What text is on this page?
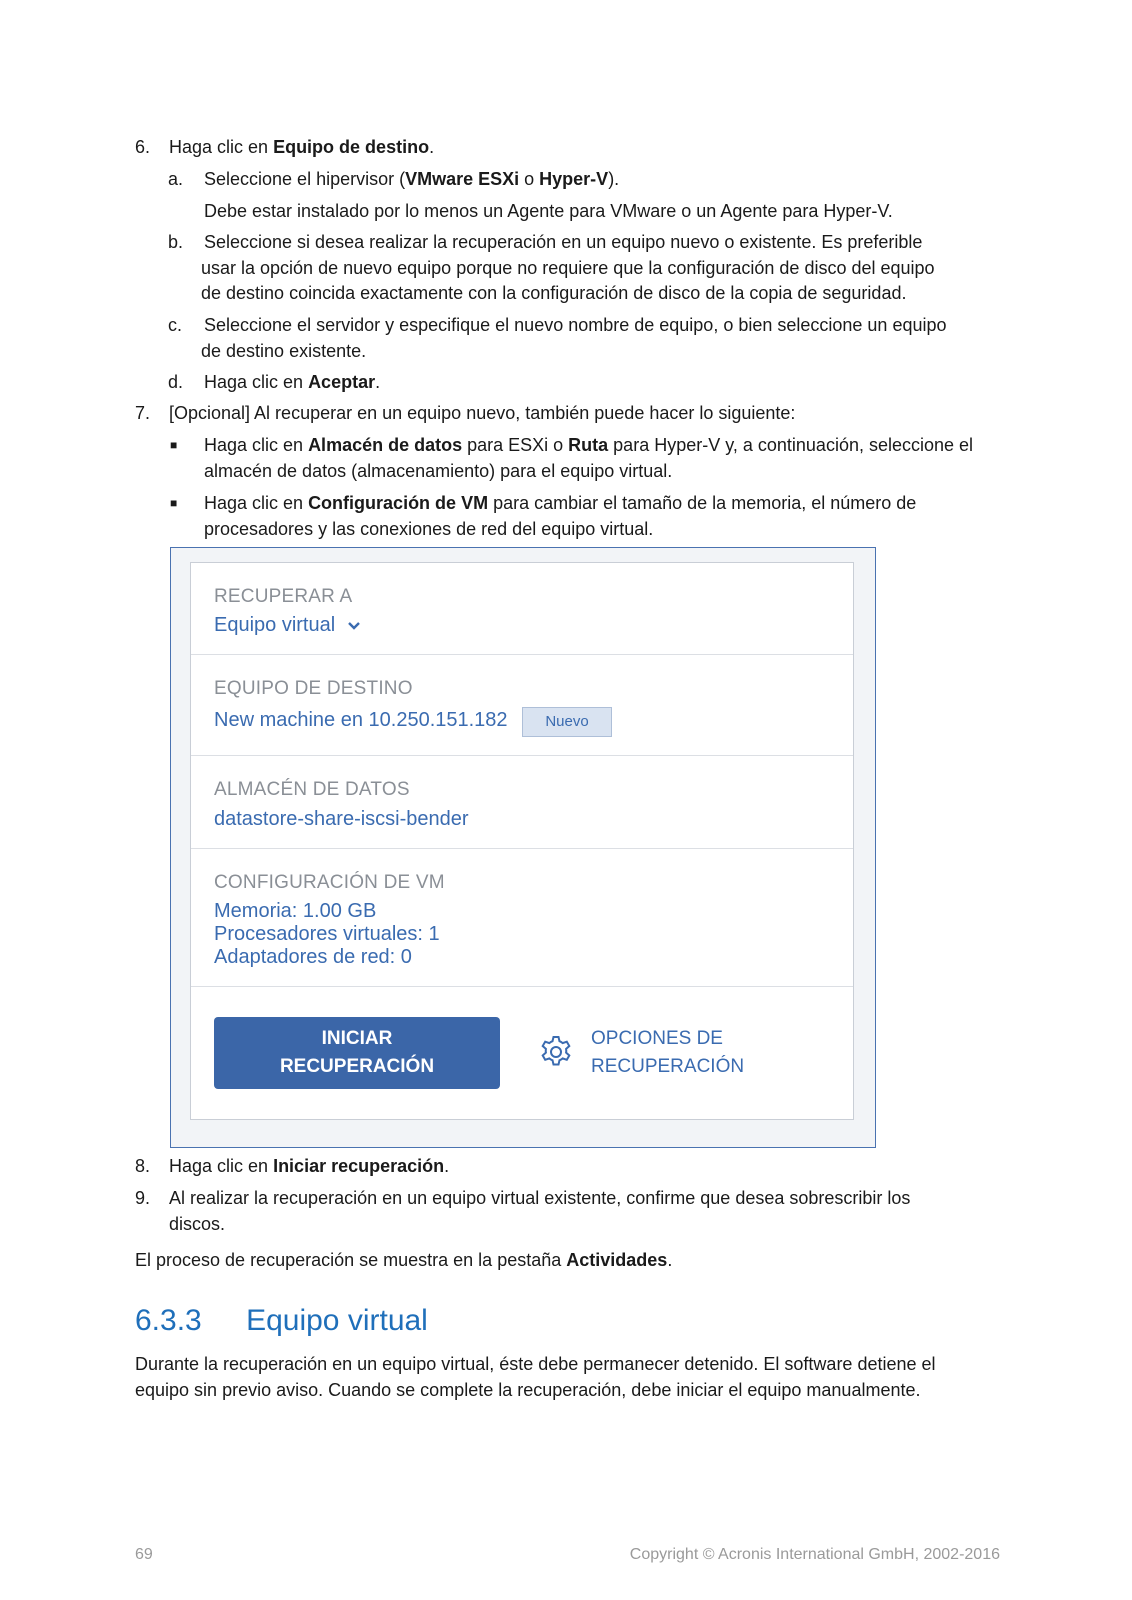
6. Haga clic en Equipo de destino.
a. Seleccione el hipervisor (VMware ESXi o Hyper-V).
Debe estar instalado por lo menos un Agente para VMware o un Agente para Hyper-V.
b. Seleccione si desea realizar la recuperación en un equipo nuevo o existente. Es preferible
usar la opción de nuevo equipo porque no requiere que la configuración de disco del equipo
de destino coincida exactamente con la configuración de disco de la copia de seguridad.
c. Seleccione el servidor y especifique el nuevo nombre de equipo, o bien seleccione un equipo
de destino existente.
d. Haga clic en Aceptar.
7. [Opcional] Al recuperar en un equipo nuevo, también puede hacer lo siguiente:
■ Haga clic en Almacén de datos para ESXi o Ruta para Hyper-V y, a continuación, seleccione el
almacén de datos (almacenamiento) para el equipo virtual.
■ Haga clic en Configuración de VM para cambiar el tamaño de la memoria, el número de
procesadores y las conexiones de red del equipo virtual.
RECUPERAR A
Equipo virtual
EQUIPO DE DESTINO
New machine en 10.250.151.182	Nuevo
ALMACÉN DE DATOS
datastore-share-iscsi-bender
CONFIGURACIÓN DE VM
Memoria: 1.00 GB
Procesadores virtuales: 1
Adaptadores de red: 0
INICIAR
RECUPERACIÓN
OPCIONES DE
RECUPERACIÓN
8. Haga clic en Iniciar recuperación.
9. Al realizar la recuperación en un equipo virtual existente, confirme que desea sobrescribir los
discos.
El proceso de recuperación se muestra en la pestaña Actividades.
6.3.3 Equipo virtual
Durante la recuperación en un equipo virtual, éste debe permanecer detenido. El software detiene el
equipo sin previo aviso. Cuando se complete la recuperación, debe iniciar el equipo manualmente.
69	Copyright © Acronis International GmbH, 2002-2016
